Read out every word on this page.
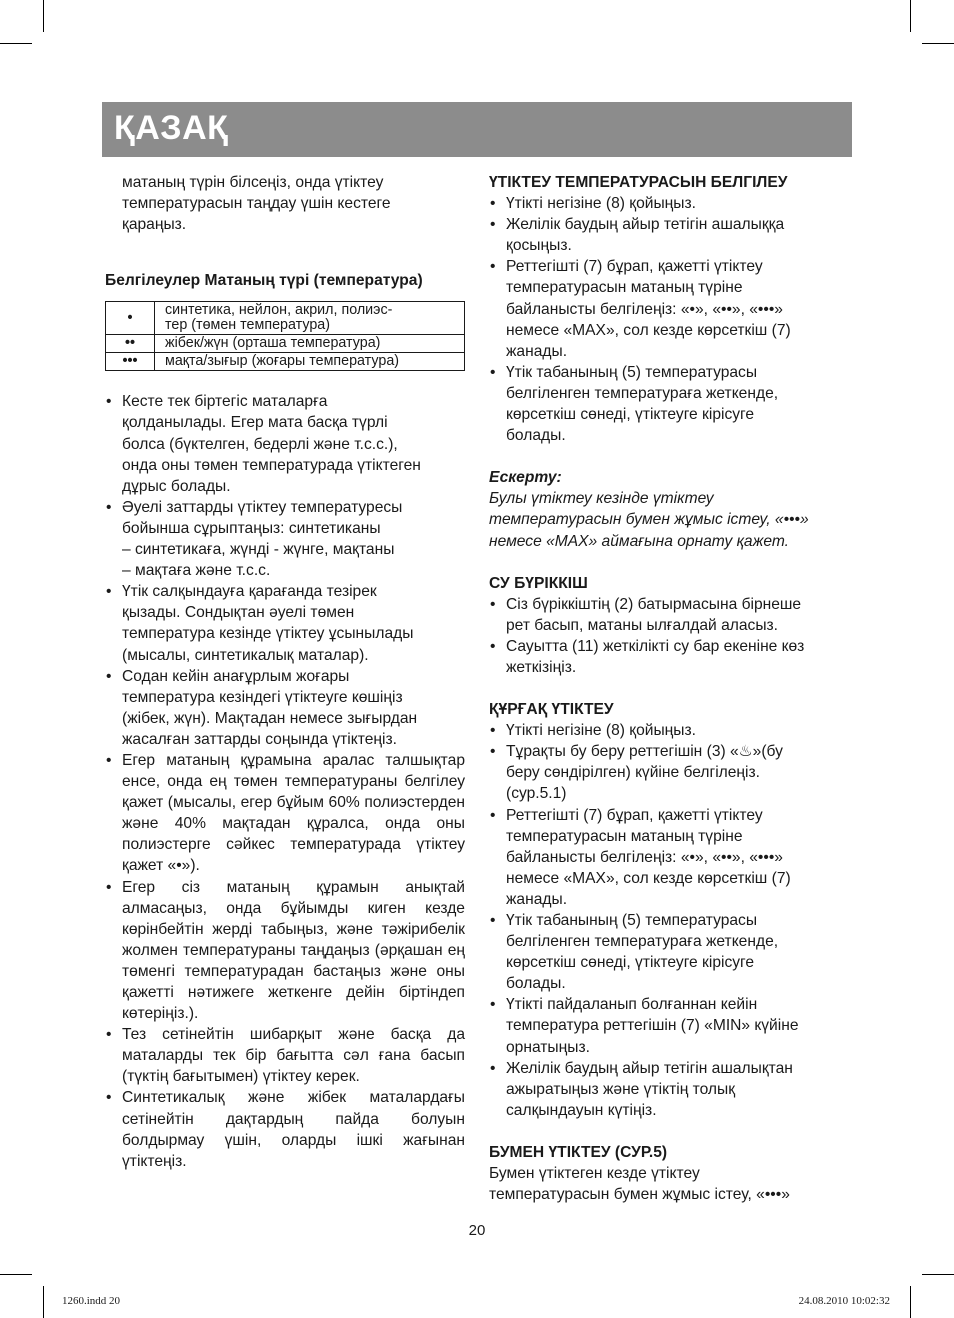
ҚАЗАҚ

матаның түрін білсеңіз, онда үтіктеу

температурасын таңдау үшін кестеге

қараңыз.

Белгілеулер Матаның түрі (температура)

•	синтетика, нейлон, акрил, полиэс-
тер (төмен температура)

••	жібек/жүн (орташа температура)

•••	мақта/зығыр (жоғары температура)
• Кесте тек біртегіс маталарға
қолданылады. Егер мата басқа түрлі
болса (бүктелген, бедерлі және т.с.с.),
онда оны төмен температурада үтіктеген
дұрыс болады.
• Әуелі заттарды үтіктеу температуресы
бойынша сұрыптаңыз: синтетиканы
– синтетикаға, жүнді - жүнге, мақтаны
– мақтаға және т.с.с.
• Үтік салқындауға қарағанда тезірек
қызады. Сондықтан әуелі төмен
температура кезінде үтіктеу ұсынылады
(мысалы, синтетикалық маталар).
• Содан кейін анағұрлым жоғары
температура кезіндегі үтіктеуге көшіңіз
(жібек, жүн). Мақтадан немесе зығырдан
жасалған заттарды соңында үтіктеңіз.
• Егер матаның құрамына аралас талшықтар енсе, онда ең төмен температураны белгілеу қажет (мысалы, егер бұйым 60% полиэстерден және 40% мақтадан құралса, онда оны полиэстерге сәйкес температурада үтіктеу қажет «•»).
• Егер сіз матаның құрамын анықтай алмасаңыз, онда бұйымды киген кезде көрінбейтін жерді табыңыз, және тәжірибелік жолмен температураны таңдаңыз (әрқашан ең төменгі температурадан бастаңыз және оны қажетті нәтижеге жеткенге дейін біртіндеп көтеріңіз.).
• Тез сетінейтін шибарқыт және басқа да маталарды тек бір бағытта сәл ғана басып (түктің бағытымен) үтіктеу керек.
• Синтетикалық және жібек маталардағы сетінейтін дақтардың пайда болуын болдырмау үшін, оларды ішкі жағынан үтіктеңіз.

ҮТІКТЕУ ТЕМПЕРАТУРАСЫН БЕЛГІЛЕУ

• Үтікті негізіне (8) қойыңыз.
• Желілік баудың айыр тетігін ашалыққа
қосыңыз.
• Реттегішті (7) бұрап, қажетті үтіктеу
температурасын матаның түріне
байланысты белгілеңіз: «•», «••», «•••»
немесе «МАХ», сол кезде көрсеткіш (7)
жанады.
• Үтік табанының (5) температурасы
белгіленген температураға жеткенде,
көрсеткіш сөнеді, үтіктеуге кірісуге
болады.

Ескерту:

Булы үтіктеу кезінде үтіктеу
температурасын бумен жұмыс істеу, «•••»
немесе «МАХ» аймағына орнату қажет.

СУ БҮРІККІШ

• Сіз бүріккіштің (2) батырмасына бірнеше
рет басып, матаны ылғалдай аласыз.
• Сауытта (11) жеткілікті су бар екеніне көз
жеткізіңіз.

ҚҰРҒАҚ ҮТІКТЕУ

• Үтікті негізіне (8) қойыңыз.
• Тұрақты бу беру реттегішін (3) «♨»(бу
беру сөндірілген) күйіне белгілеңіз.
(сур.5.1)
• Реттегішті (7) бұрап, қажетті үтіктеу
температурасын матаның түріне
байланысты белгілеңіз: «•», «••», «•••»
немесе «МАХ», сол кезде көрсеткіш (7)
жанады.
• Үтік табанының (5) температурасы
белгіленген температураға жеткенде,
көрсеткіш сөнеді, үтіктеуге кірісуге
болады.
• Үтікті пайдаланып болғаннан кейін
температура реттегішін (7) «MIN» күйіне
орнатыңыз.
• Желілік баудың айыр тетігін ашалықтан
ажыратыңыз және үтіктің толық
салқындауын күтіңіз.

БУМЕН ҮТІКТЕУ (СУР.5)

Бумен үтіктеген кезде үтіктеу
температурасын бумен жұмыс істеу, «•••»
20
1260.indd 20	24.08.2010 10:02:32
